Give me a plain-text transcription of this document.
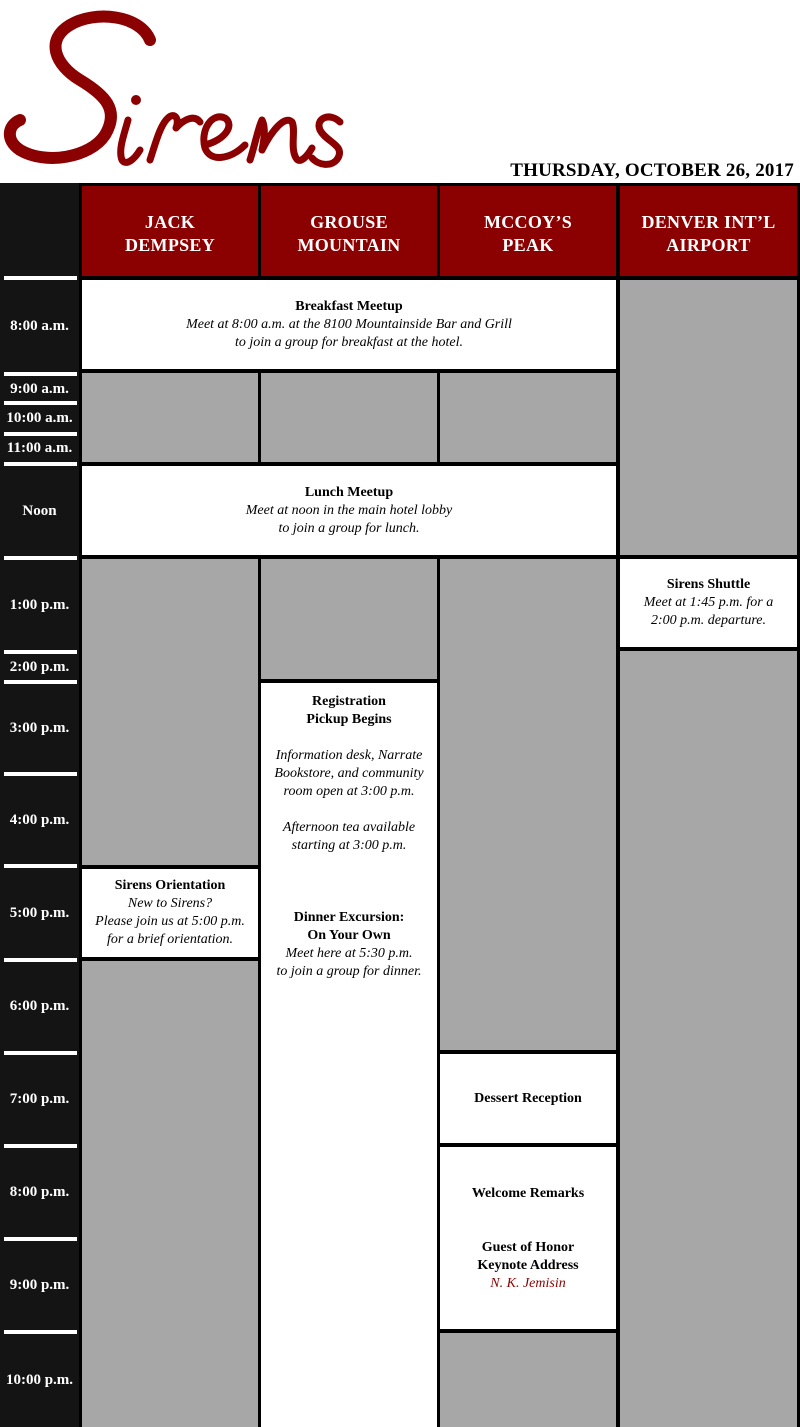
THURSDAY, OCTOBER 26, 2017
8:00 a.m.
9:00 a.m.
10:00 a.m.
11:00 a.m.
Noon
1:00 p.m.
2:00 p.m.
3:00 p.m.
4:00 p.m.
5:00 p.m.
6:00 p.m.
7:00 p.m.
8:00 p.m.
9:00 p.m.
10:00 p.m.
JACK
DEMPSEY
GROUSE
MOUNTAIN
MCCOY’S
PEAK
DENVER INT’L
AIRPORT
Breakfast Meetup
Meet at 8:00 a.m. at the 8100 Mountainside Bar and Grill
to join a group for breakfast at the hotel.
Lunch Meetup
Meet at noon in the main hotel lobby
to join a group for lunch.
Sirens Shuttle
Meet at 1:45 p.m. for a
2:00 p.m. departure.
Registration
Pickup Begins
Information desk, Narrate
Bookstore, and community
room open at 3:00 p.m.
Afternoon tea available
starting at 3:00 p.m.
Dinner Excursion:
On Your Own
Meet here at 5:30 p.m.
to join a group for dinner.
Sirens Orientation
New to Sirens?
Please join us at 5:00 p.m.
for a brief orientation.
Dessert Reception
Welcome Remarks
Guest of Honor
Keynote Address
N. K. Jemisin
